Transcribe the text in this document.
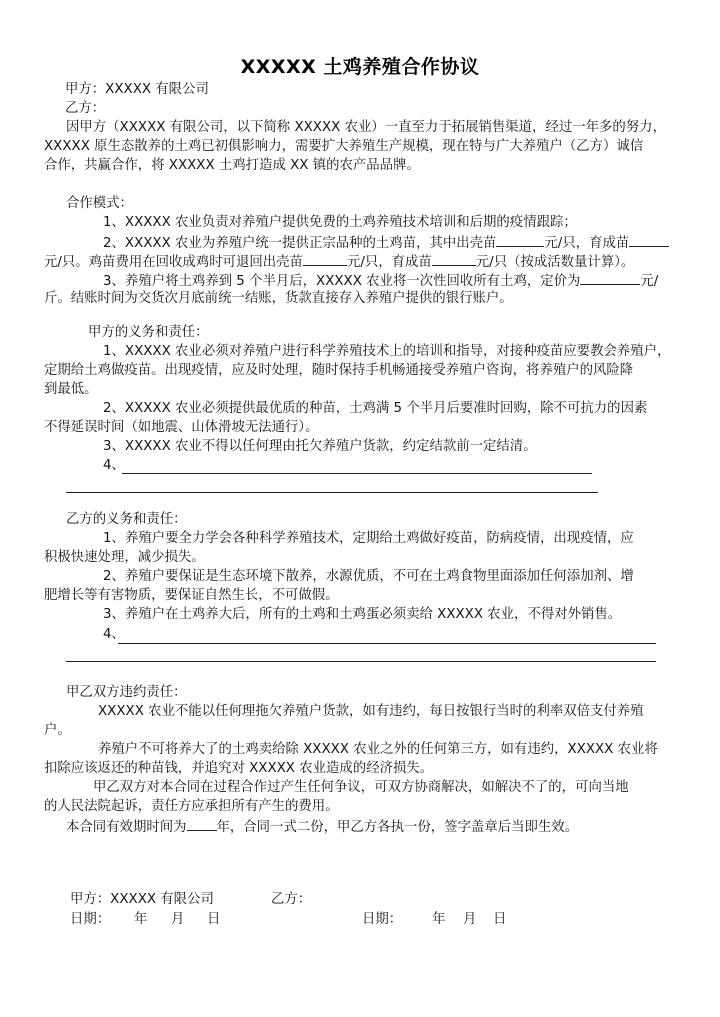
XXXXX 土鸡养殖合作协议
甲方：XXXXX 有限公司
乙方：
因甲方（XXXXX 有限公司，以下简称 XXXXX 农业）一直至力于拓展销售渠道，经过一年多的努力，
XXXXX 原生态散养的土鸡已初俱影响力，需要扩大养殖生产规模，现在特与广大养殖户（乙方）诚信
合作，共赢合作，将 XXXXX 土鸡打造成 XX 镇的农产品品牌。
合作模式：
1、XXXXX 农业负责对养殖户提供免费的土鸡养殖技术培训和后期的疫情跟踪；
2、XXXXX 农业为养殖户统一提供正宗品种的土鸡苗，其中出壳苗	元/只，育成苗
元/只。鸡苗费用在回收成鸡时可退回出壳苗	元/只，育成苗	元/只（按成活数量计算）。
3、养殖户将土鸡养到 5 个半月后，XXXXX 农业将一次性回收所有土鸡，定价为	元/
斤。结账时间为交货次月底前统一结账，货款直接存入养殖户提供的银行账户。
甲方的义务和责任：
1、XXXXX 农业必须对养殖户进行科学养殖技术上的培训和指导，对接种疫苗应要教会养殖户，
定期给土鸡做疫苗。出现疫情，应及时处理，随时保持手机畅通接受养殖户咨询，将养殖户的风险降
到最低。
2、XXXXX 农业必须提供最优质的种苗，土鸡满 5 个半月后要准时回购，除不可抗力的因素
不得延误时间（如地震、山体滑坡无法通行）。
3、XXXXX 农业不得以任何理由托欠养殖户货款，约定结款前一定结清。
4、
乙方的义务和责任：
1、养殖户要全力学会各种科学养殖技术，定期给土鸡做好疫苗，防病疫情，出现疫情，应
积极快速处理，减少损失。
2、养殖户要保证是生态环境下散养，水源优质，不可在土鸡食物里面添加任何添加剂、增
肥增长等有害物质，要保证自然生长，不可做假。
3、养殖户在土鸡养大后，所有的土鸡和土鸡蛋必须卖给 XXXXX 农业，不得对外销售。
4、
甲乙双方违约责任：
XXXXX 农业不能以任何理拖欠养殖户货款，如有违约，每日按银行当时的利率双倍支付养殖
户。
养殖户不可将养大了的土鸡卖给除 XXXXX 农业之外的任何第三方，如有违约，XXXXX 农业将
扣除应该返还的种苗钱，并追究对 XXXXX 农业造成的经济损失。
甲乙双方对本合同在过程合作过产生任何争议，可双方协商解决，如解决不了的，可向当地
的人民法院起诉，责任方应承担所有产生的费用。
本合同有效期时间为 年，合同一式二份，甲乙方各执一份，签字盖章后当即生效。
甲方：XXXXX 有限公司	乙方：
日期： 年 月 日	日期： 年 月 日
